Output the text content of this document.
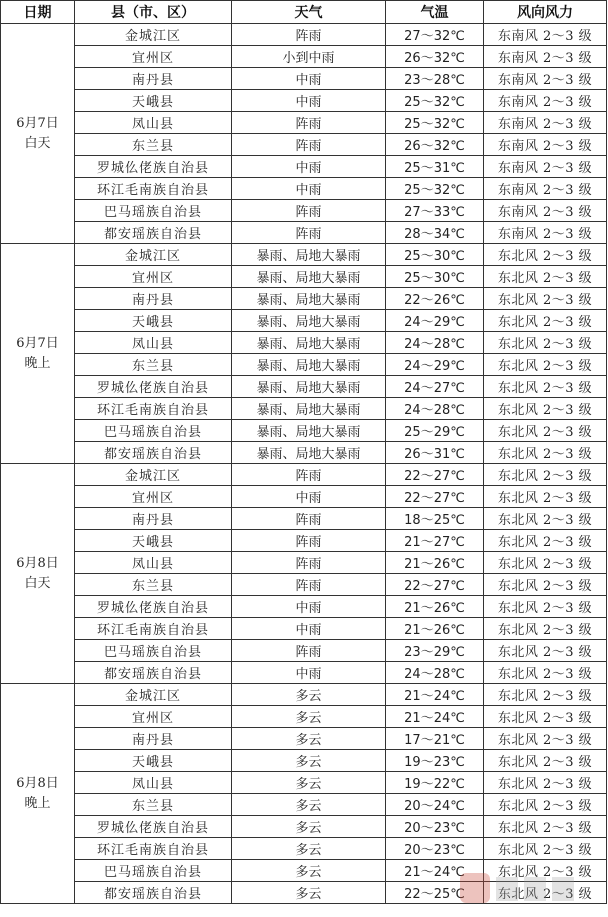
日期	县（市、区）	天气	气温	风向风力

6月7日
白天	金城江区	阵雨	27～32℃	东南风 2～3 级
	宜州区	小到中雨	26～32℃	东南风 2～3 级
	南丹县	中雨	23～28℃	东南风 2～3 级
	天峨县	中雨	25～32℃	东南风 2～3 级
	凤山县	阵雨	25～32℃	东南风 2～3 级
	东兰县	阵雨	26～32℃	东南风 2～3 级
	罗城仫佬族自治县	中雨	25～31℃	东南风 2～3 级
	环江毛南族自治县	中雨	25～32℃	东南风 2～3 级
	巴马瑶族自治县	阵雨	27～33℃	东南风 2～3 级
	都安瑶族自治县	阵雨	28～34℃	东南风 2～3 级

6月7日
晚上	金城江区	暴雨、局地大暴雨	25～30℃	东北风 2～3 级
	宜州区	暴雨、局地大暴雨	25～30℃	东北风 2～3 级
	南丹县	暴雨、局地大暴雨	22～26℃	东北风 2～3 级
	天峨县	暴雨、局地大暴雨	24～29℃	东北风 2～3 级
	凤山县	暴雨、局地大暴雨	24～28℃	东北风 2～3 级
	东兰县	暴雨、局地大暴雨	24～29℃	东北风 2～3 级
	罗城仫佬族自治县	暴雨、局地大暴雨	24～27℃	东北风 2～3 级
	环江毛南族自治县	暴雨、局地大暴雨	24～28℃	东北风 2～3 级
	巴马瑶族自治县	暴雨、局地大暴雨	25～29℃	东北风 2～3 级
	都安瑶族自治县	暴雨、局地大暴雨	26～31℃	东北风 2～3 级

6月8日
白天	金城江区	阵雨	22～27℃	东北风 2～3 级
	宜州区	中雨	22～27℃	东北风 2～3 级
	南丹县	阵雨	18～25℃	东北风 2～3 级
	天峨县	阵雨	21～27℃	东北风 2～3 级
	凤山县	阵雨	21～26℃	东北风 2～3 级
	东兰县	阵雨	22～27℃	东北风 2～3 级
	罗城仫佬族自治县	中雨	21～26℃	东北风 2～3 级
	环江毛南族自治县	中雨	21～26℃	东北风 2～3 级
	巴马瑶族自治县	阵雨	23～29℃	东北风 2～3 级
	都安瑶族自治县	中雨	24～28℃	东北风 2～3 级

6月8日
晚上	金城江区	多云	21～24℃	东北风 2～3 级
	宜州区	多云	21～24℃	东北风 2～3 级
	南丹县	多云	17～21℃	东北风 2～3 级
	天峨县	多云	19～23℃	东北风 2～3 级
	凤山县	多云	19～22℃	东北风 2～3 级
	东兰县	多云	20～24℃	东北风 2～3 级
	罗城仫佬族自治县	多云	20～23℃	东北风 2～3 级
	环江毛南族自治县	多云	20～23℃	东北风 2～3 级
	巴马瑶族自治县	多云	21～24℃	东北风 2～3 级
	都安瑶族自治县	多云	22～25℃	东北风 2～3 级
